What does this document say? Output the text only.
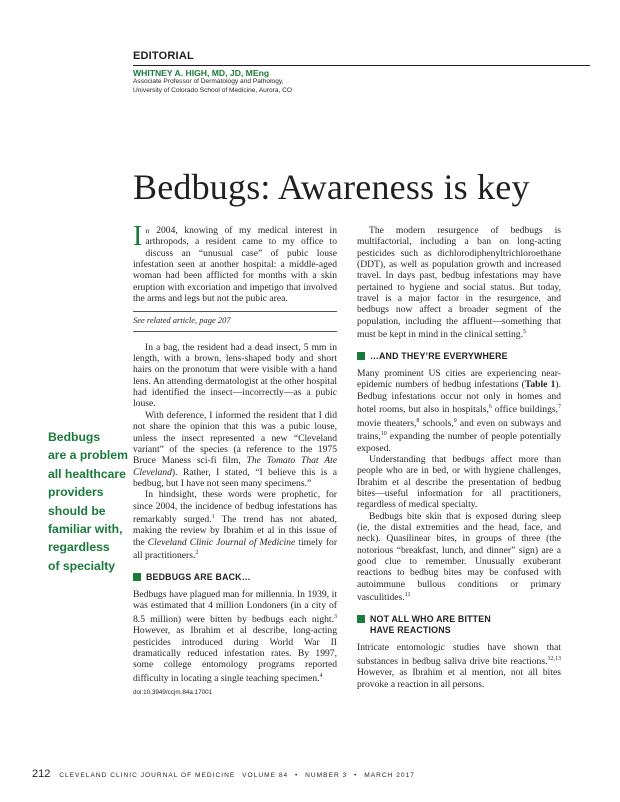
EDITORIAL
WHITNEY A. HIGH, MD, JD, MEng
Associate Professor of Dermatology and Pathology,
University of Colorado School of Medicine, Aurora, CO
Bedbugs: Awareness is key
Bedbugs
are a problem
all healthcare
providers
should be
familiar with,
regardless
of specialty

In 2004, knowing of my medical interest in arthropods, a resident came to my office to discuss an “unusual case” of pubic louse infestation seen at another hospital: a middle-aged woman had been afflicted for months with a skin eruption with excoriation and impetigo that involved the arms and legs but not the pubic area.

See related article, page 207

In a bag, the resident had a dead insect, 5 mm in length, with a brown, lens-shaped body and short hairs on the pronotum that were visible with a hand lens. An attending dermatologist at the other hospital had identified the insect—incorrectly—as a pubic louse.

With deference, I informed the resident that I did not share the opinion that this was a pubic louse, unless the insect represented a new “Cleveland variant” of the species (a reference to the 1975 Bruce Maness sci-fi film, The Tomato That Ate Cleveland). Rather, I stated, “I believe this is a bedbug, but I have not seen many specimens.”

In hindsight, these words were prophetic, for since 2004, the incidence of bedbug infestations has remarkably surged.$^1$ The trend has not abated, making the review by Ibrahim et al in this issue of the Cleveland Clinic Journal of Medicine timely for all practitioners.$^2$

BEDBUGS ARE BACK…

Bedbugs have plagued man for millennia. In 1939, it was estimated that 4 million Londoners (in a city of 8.5 million) were bitten by bedbugs each night.$^3$ However, as Ibrahim et al describe, long-acting pesticides introduced during World War II dramatically reduced infestation rates. By 1997, some college entomology programs reported difficulty in locating a single teaching specimen.$^4$

doi:10.3949/ccjm.84a.17001

The modern resurgence of bedbugs is multifactorial, including a ban on long-acting pesticides such as dichlorodiphenyltrichloroethane (DDT), as well as population growth and increased travel. In days past, bedbug infestations may have pertained to hygiene and social status. But today, travel is a major factor in the resurgence, and bedbugs now affect a broader segment of the population, including the affluent—something that must be kept in mind in the clinical setting.$^5$

…AND THEY’RE EVERYWHERE

Many prominent US cities are experiencing near-epidemic numbers of bedbug infestations (Table 1). Bedbug infestations occur not only in homes and hotel rooms, but also in hospitals,$^6$ office buildings,$^7$ movie theaters,$^8$ schools,$^9$ and even on subways and trains,$^{10}$ expanding the number of people potentially exposed.

Understanding that bedbugs affect more than people who are in bed, or with hygiene challenges, Ibrahim et al describe the presentation of bedbug bites—useful information for all practitioners, regardless of medical specialty.

Bedbugs bite skin that is exposed during sleep (ie, the distal extremities and the head, face, and neck). Quasilinear bites, in groups of three (the notorious “breakfast, lunch, and dinner” sign) are a good clue to remember. Unusually exuberant reactions to bedbug bites may be confused with autoimmune bullous conditions or primary vasculitides.$^{11}$

NOT ALL WHO ARE BITTEN
HAVE REACTIONS

Intricate entomologic studies have shown that substances in bedbug saliva drive bite reactions.$^{12,13}$ However, as Ibrahim et al mention, not all bites provoke a reaction in all persons.

212 CLEVELAND CLINIC JOURNAL OF MEDICINE VOLUME 84 • NUMBER 3 • MARCH 2017
